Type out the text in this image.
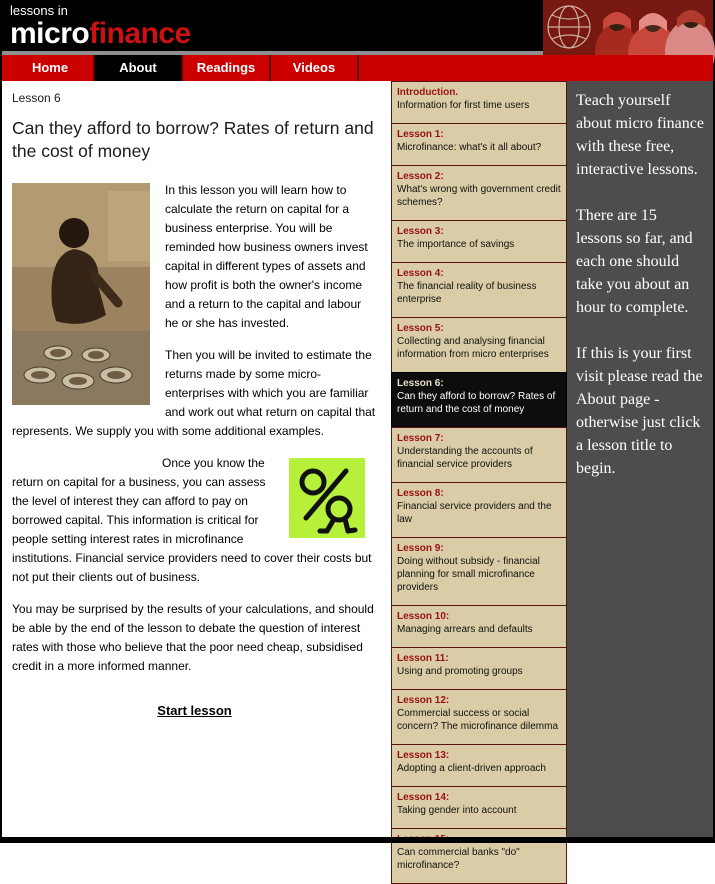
lessons in
microfinance
Home	About	Readings	Videos
Lesson 6
Can they afford to borrow? Rates of return and the cost of money

In this lesson you will learn how to calculate the return on capital for a business enterprise. You will be reminded how business owners invest capital in different types of assets and how profit is both the owner's income and a return to the capital and labour he or she has invested.

Then you will be invited to estimate the returns made by some micro-enterprises with which you are familiar and work out what return on capital that represents. We supply you with some additional examples.

Once you know the return on capital for a business, you can assess the level of interest they can afford to pay on borrowed capital. This information is critical for people setting interest rates in microfinance institutions. Financial service providers need to cover their costs but not put their clients out of business.

You may be surprised by the results of your calculations, and should be able by the end of the lesson to debate the question of interest rates with those who believe that the poor need cheap, subsidised credit in a more informed manner.

Start lesson
Introduction.
Information for first time users
Lesson 1:
Microfinance: what's it all about?
Lesson 2:
What's wrong with government credit schemes?
Lesson 3:
The importance of savings
Lesson 4:
The financial reality of business enterprise
Lesson 5:
Collecting and analysing financial information from micro enterprises
Lesson 6:
Can they afford to borrow? Rates of return and the cost of money
Lesson 7:
Understanding the accounts of financial service providers
Lesson 8:
Financial service providers and the law
Lesson 9:
Doing without subsidy - financial planning for small microfinance providers
Lesson 10:
Managing arrears and defaults
Lesson 11:
Using and promoting groups
Lesson 12:
Commercial success or social concern? The microfinance dilemma
Lesson 13:
Adopting a client-driven approach
Lesson 14:
Taking gender into account
Can commercial banks "do" microfinance?

Teach yourself about micro finance with these free, interactive lessons.

There are 15 lessons so far, and each one should take you about an hour to complete.

If this is your first visit please read the About page - otherwise just click a lesson title to begin.
